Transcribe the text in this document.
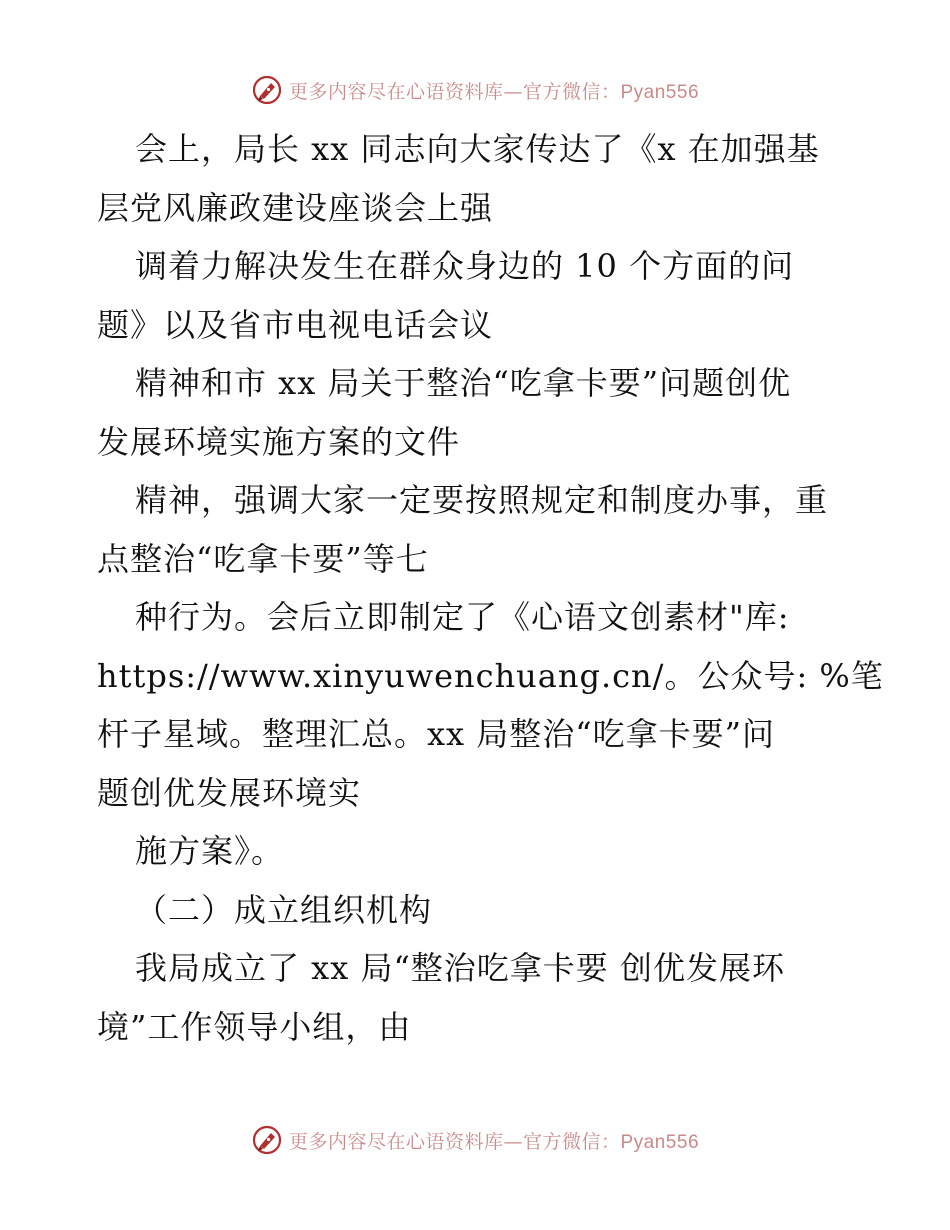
更多内容尽在心语资料库—官方微信：Pyan556
会上，局长 xx 同志向大家传达了《x 在加强基
层党风廉政建设座谈会上强
调着力解决发生在群众身边的 10 个方面的问
题》以及省市电视电话会议
精神和市 xx 局关于整治“吃拿卡要”问题创优
发展环境实施方案的文件
精神，强调大家一定要按照规定和制度办事，重
点整治“吃拿卡要”等七
种行为。会后立即制定了《心语文创素材"库:
https://www.xinyuwenchuang.cn/。公众号: %笔
杆子星域。整理汇总。xx 局整治“吃拿卡要”问
题创优发展环境实
施方案》。
（二）成立组织机构
我局成立了 xx 局“整治吃拿卡要 创优发展环
境”工作领导小组，由
更多内容尽在心语资料库—官方微信：Pyan556
